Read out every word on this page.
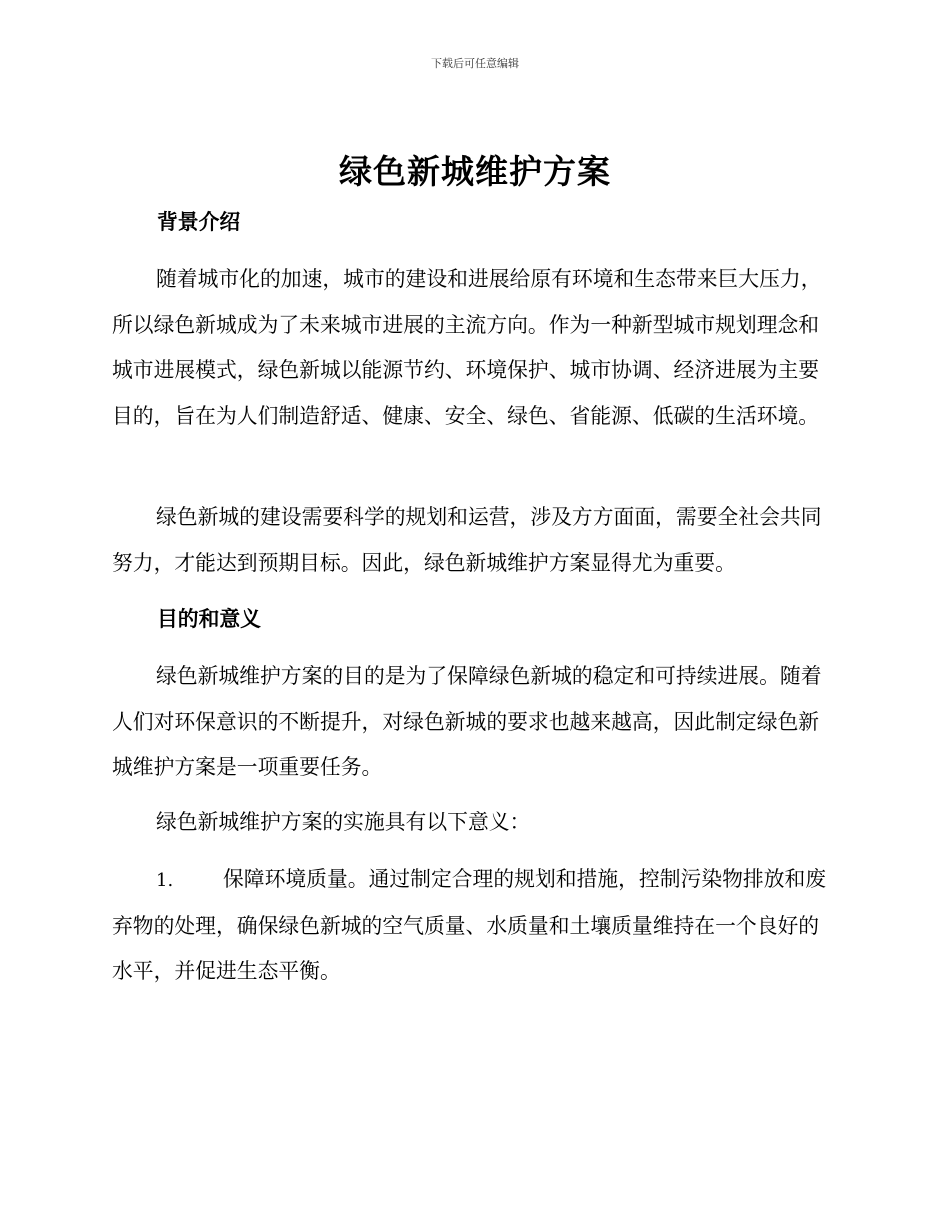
下载后可任意编辑
绿色新城维护方案
背景介绍

随着城市化的加速，城市的建设和进展给原有环境和生态带来巨大压力，所以绿色新城成为了未来城市进展的主流方向。作为一种新型城市规划理念和城市进展模式，绿色新城以能源节约、环境保护、城市协调、经济进展为主要目的，旨在为人们制造舒适、健康、安全、绿色、省能源、低碳的生活环境。

绿色新城的建设需要科学的规划和运营，涉及方方面面，需要全社会共同努力，才能达到预期目标。因此，绿色新城维护方案显得尤为重要。

目的和意义

绿色新城维护方案的目的是为了保障绿色新城的稳定和可持续进展。随着人们对环保意识的不断提升，对绿色新城的要求也越来越高，因此制定绿色新城维护方案是一项重要任务。

绿色新城维护方案的实施具有以下意义：

1. 保障环境质量。通过制定合理的规划和措施，控制污染物排放和废弃物的处理，确保绿色新城的空气质量、水质量和土壤质量维持在一个良好的水平，并促进生态平衡。
